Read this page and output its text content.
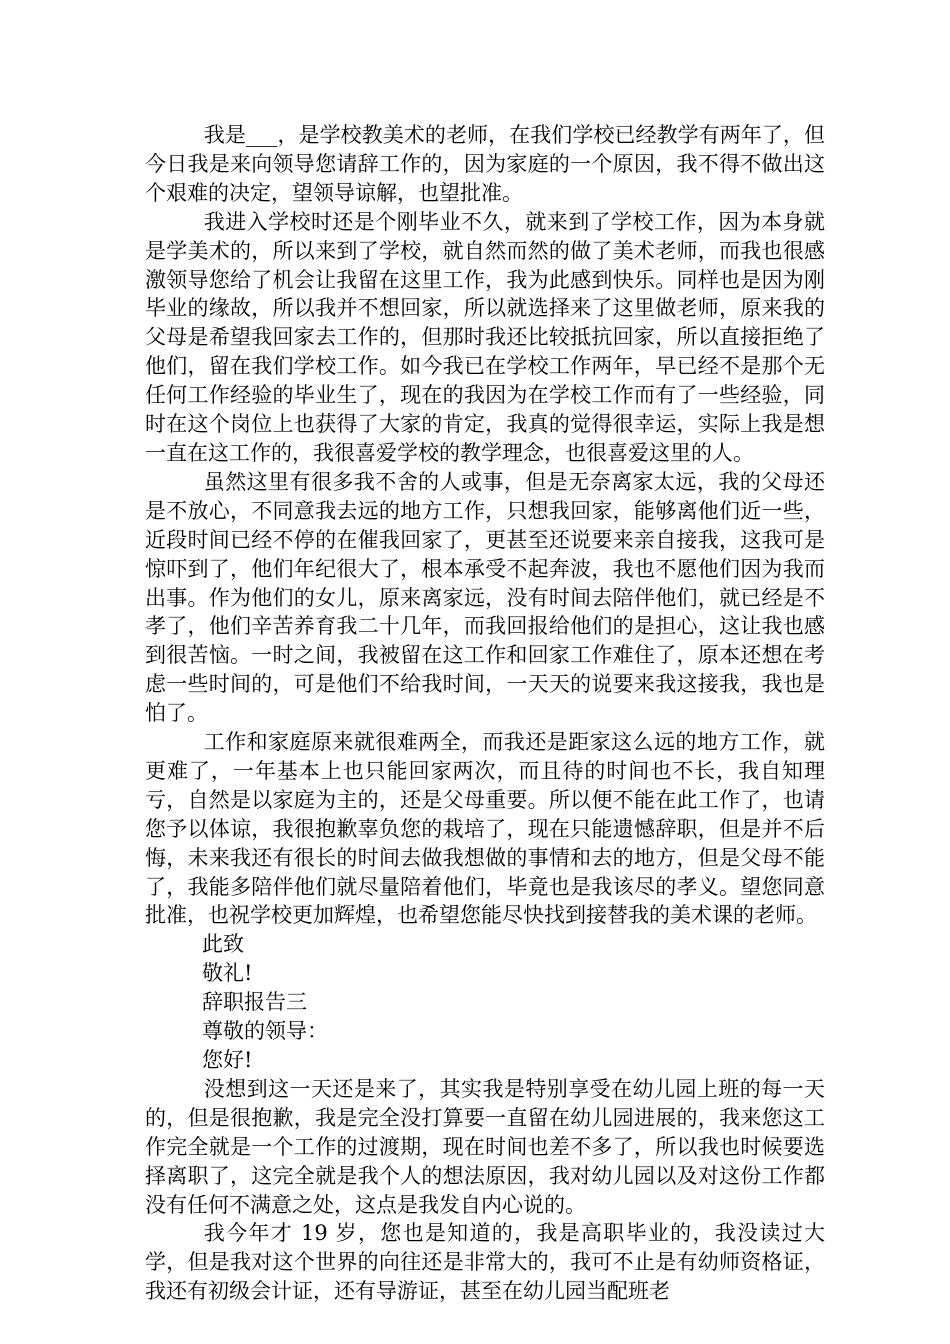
我是___，是学校教美术的老师，在我们学校已经教学有两年了，但今日我是来向领导您请辞工作的，因为家庭的一个原因，我不得不做出这个艰难的决定，望领导谅解，也望批准。

我进入学校时还是个刚毕业不久，就来到了学校工作，因为本身就是学美术的，所以来到了学校，就自然而然的做了美术老师，而我也很感激领导您给了机会让我留在这里工作，我为此感到快乐。同样也是因为刚毕业的缘故，所以我并不想回家，所以就选择来了这里做老师，原来我的父母是希望我回家去工作的，但那时我还比较抵抗回家，所以直接拒绝了他们，留在我们学校工作。如今我已在学校工作两年，早已经不是那个无任何工作经验的毕业生了，现在的我因为在学校工作而有了一些经验，同时在这个岗位上也获得了大家的肯定，我真的觉得很幸运，实际上我是想一直在这工作的，我很喜爱学校的教学理念，也很喜爱这里的人。

虽然这里有很多我不舍的人或事，但是无奈离家太远，我的父母还是不放心，不同意我去远的地方工作，只想我回家，能够离他们近一些，近段时间已经不停的在催我回家了，更甚至还说要来亲自接我，这我可是惊吓到了，他们年纪很大了，根本承受不起奔波，我也不愿他们因为我而出事。作为他们的女儿，原来离家远，没有时间去陪伴他们，就已经是不孝了，他们辛苦养育我二十几年，而我回报给他们的是担心，这让我也感到很苦恼。一时之间，我被留在这工作和回家工作难住了，原本还想在考虑一些时间的，可是他们不给我时间，一天天的说要来我这接我，我也是怕了。

工作和家庭原来就很难两全，而我还是距家这么远的地方工作，就更难了，一年基本上也只能回家两次，而且待的时间也不长，我自知理亏，自然是以家庭为主的，还是父母重要。所以便不能在此工作了，也请您予以体谅，我很抱歉辜负您的栽培了，现在只能遗憾辞职，但是并不后悔，未来我还有很长的时间去做我想做的事情和去的地方，但是父母不能了，我能多陪伴他们就尽量陪着他们，毕竟也是我该尽的孝义。望您同意批准，也祝学校更加辉煌，也希望您能尽快找到接替我的美术课的老师。

此致

敬礼!

辞职报告三

尊敬的领导：

您好!

没想到这一天还是来了，其实我是特别享受在幼儿园上班的每一天的，但是很抱歉，我是完全没打算要一直留在幼儿园进展的，我来您这工作完全就是一个工作的过渡期，现在时间也差不多了，所以我也时候要选择离职了，这完全就是我个人的想法原因，我对幼儿园以及对这份工作都没有任何不满意之处，这点是我发自内心说的。

我今年才 19 岁，您也是知道的，我是高职毕业的，我没读过大学，但是我对这个世界的向往还是非常大的，我可不止是有幼师资格证，我还有初级会计证，还有导游证，甚至在幼儿园当配班老
